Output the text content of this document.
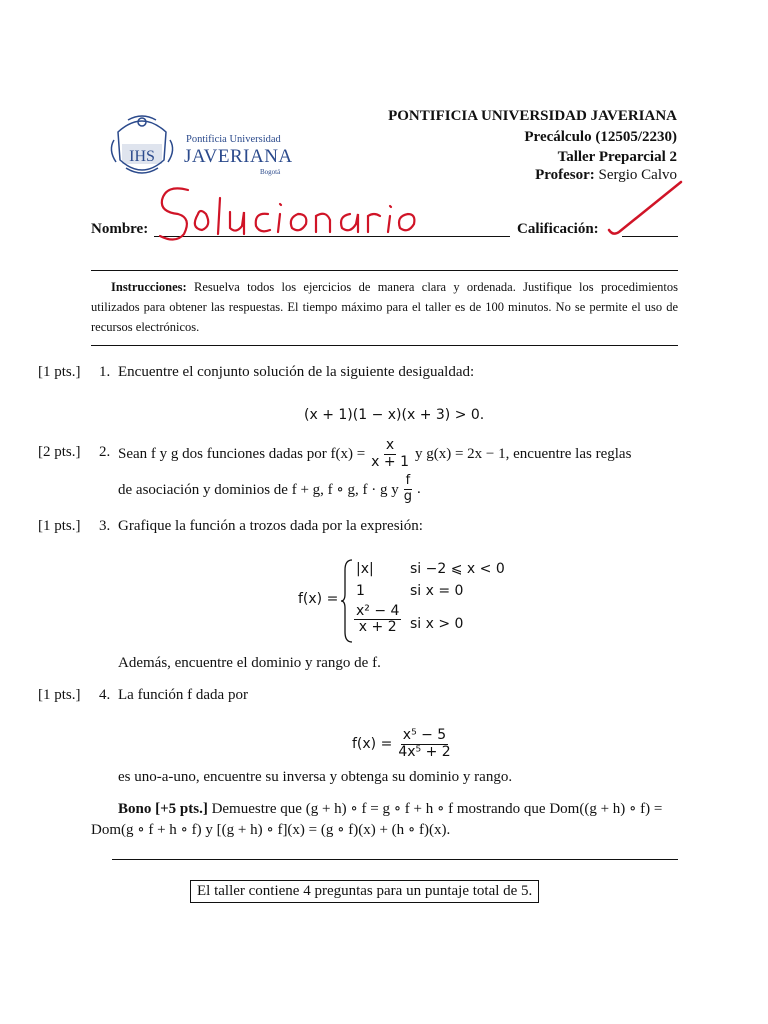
IHS
Pontificia Universidad
JAVERIANA
Bogotá
PONTIFICIA UNIVERSIDAD JAVERIANA
Precálculo (12505/2230)
Taller Preparcial 2
Profesor: Sergio Calvo
Nombre:	Calificación:
Instrucciones: Resuelva todos los ejercicios de manera clara y ordenada. Justifique los procedimientos utilizados para obtener las respuestas. El tiempo máximo para el taller es de 100 minutos. No se permite el uso de recursos electrónicos.
[1 pts.] 1. Encuentre el conjunto solución de la siguiente desigualdad:
(x + 1)(1 − x)(x + 3) > 0.
[2 pts.] 2. Sean f y g dos funciones dadas por $f(x) = \frac{x}{x + 1}$ y g(x) = 2x − 1, encuentre las reglas
de asociación y dominios de f + g, f ∘ g, f · g y $\frac{f}{g}$ .
[1 pts.] 3. Grafique la función a trozos dada por la expresión:
f(x) =
|x|	si −2 ⩽ x < 0
1	si x = 0
$\frac{\text{x² − 4}}{x + 2}$ si x > 0
Además, encuentre el dominio y rango de f.
[1 pts.] 4. La función f dada por
$f(x) = \frac{\text{x⁵ − 5}}{\text{4x⁵ + 2}}$
es uno-a-uno, encuentre su inversa y obtenga su dominio y rango.
Bono [+5 pts.] Demuestre que (g + h) ∘ f = g ∘ f + h ∘ f mostrando que Dom((g + h) ∘ f) =
Dom(g ∘ f + h ∘ f) y [(g + h) ∘ f](x) = (g ∘ f)(x) + (h ∘ f)(x).
El taller contiene 4 preguntas para un puntaje total de 5.
